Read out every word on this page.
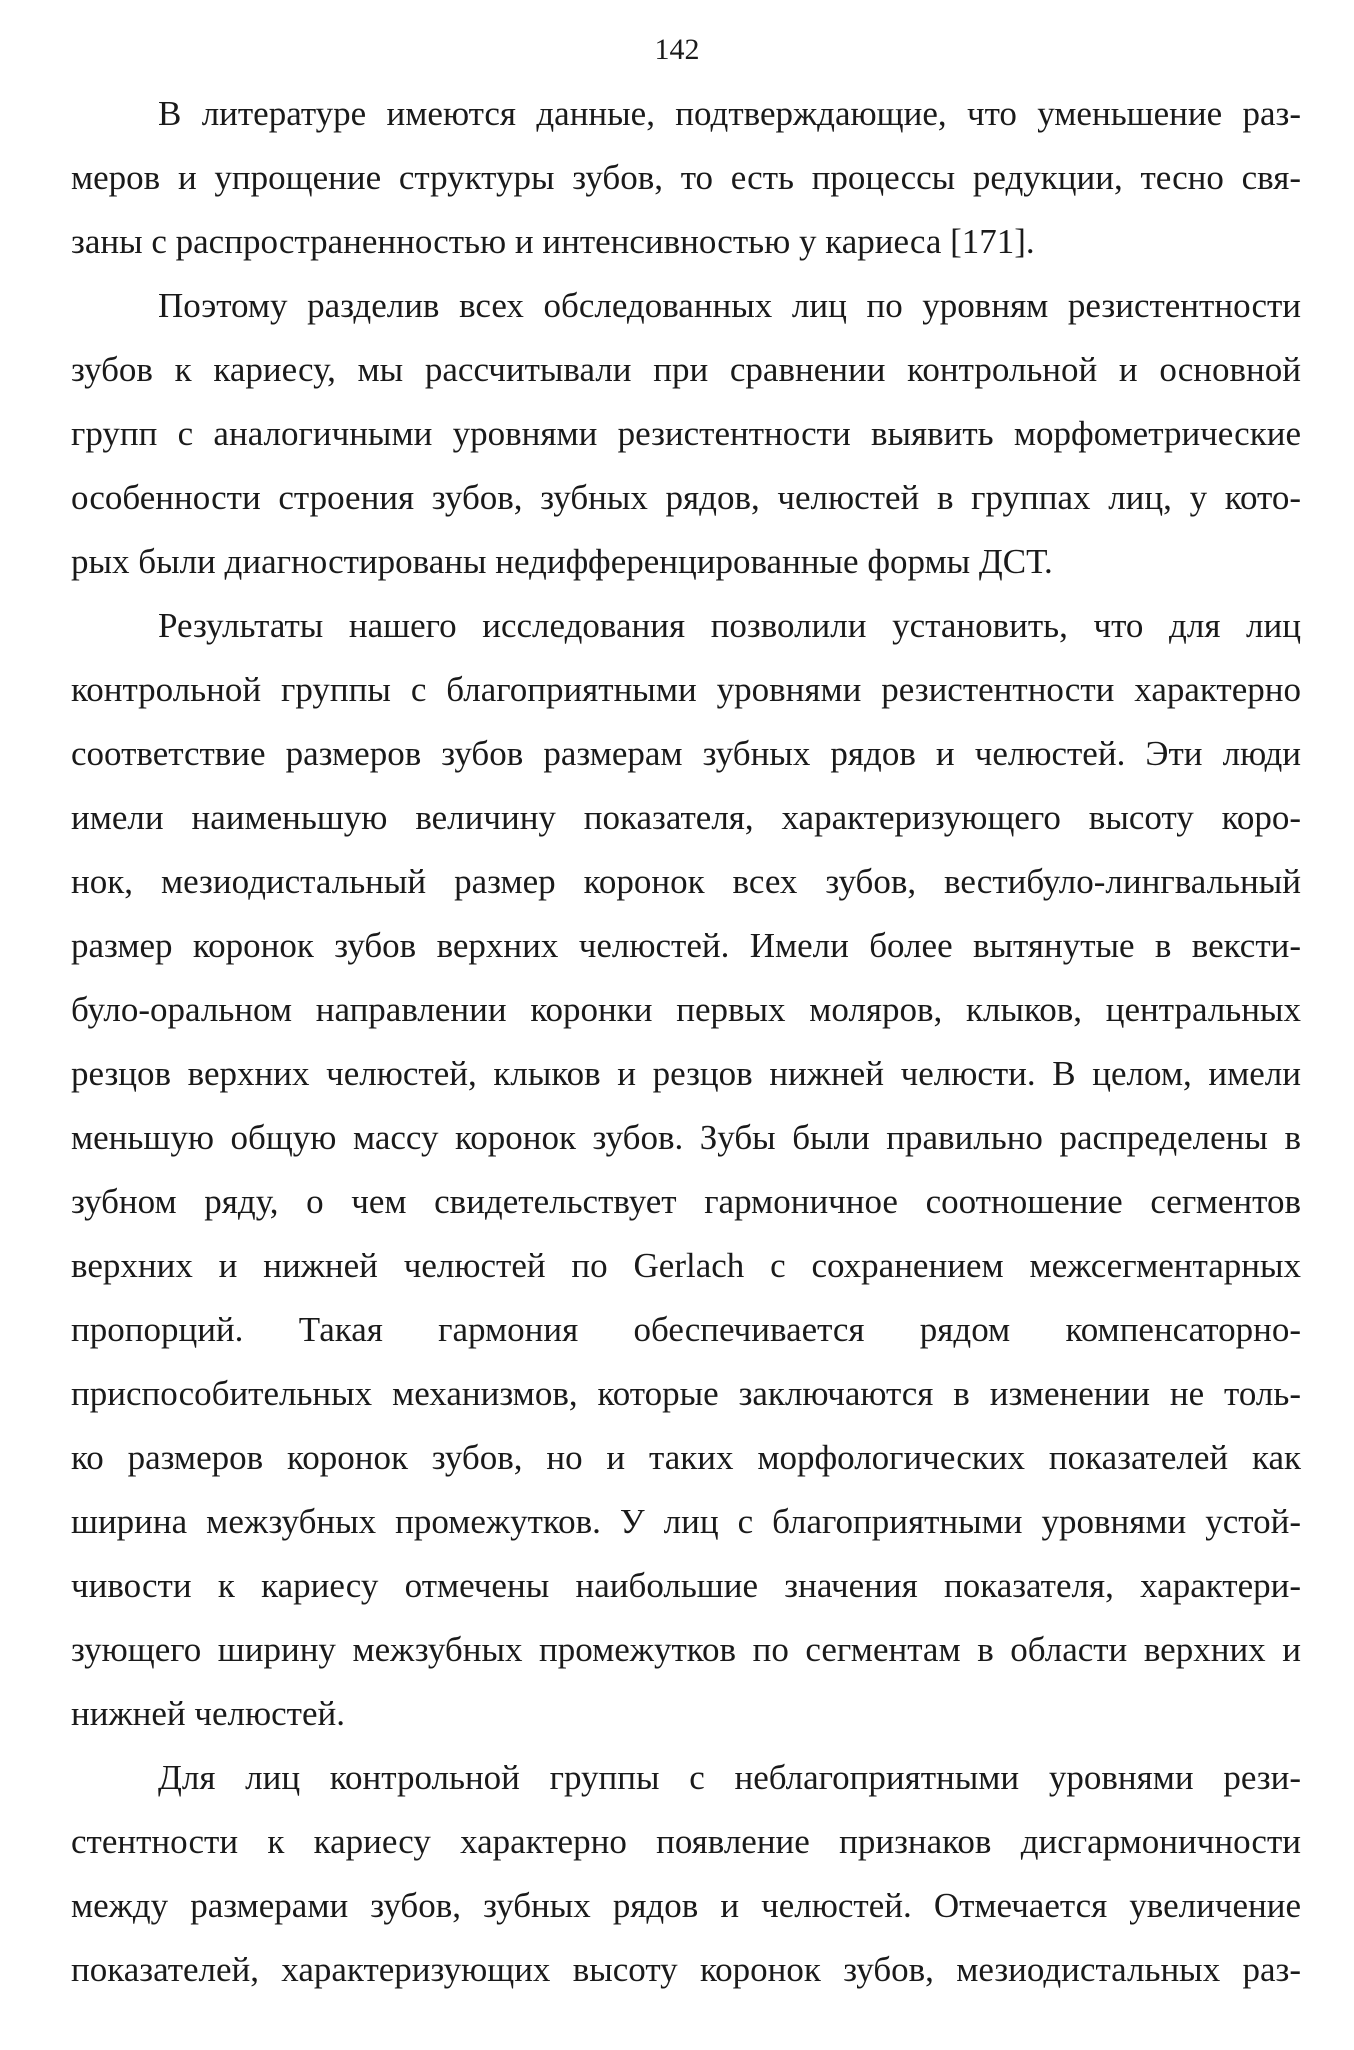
142
В литературе имеются данные, подтверждающие, что уменьшение раз-
меров и упрощение структуры зубов, то есть процессы редукции, тесно свя-
заны с распространенностью и интенсивностью у кариеса [171].
Поэтому разделив всех обследованных лиц по уровням резистентности
зубов к кариесу, мы рассчитывали при сравнении контрольной и основной
групп с аналогичными уровнями резистентности выявить морфометрические
особенности строения зубов, зубных рядов, челюстей в группах лиц, у кото-
рых были диагностированы недифференцированные формы ДСТ.
Результаты нашего исследования позволили установить, что для лиц
контрольной группы с благоприятными уровнями резистентности характерно
соответствие размеров зубов размерам зубных рядов и челюстей. Эти люди
имели наименьшую величину показателя, характеризующего высоту коро-
нок, мезиодистальный размер коронок всех зубов, вестибуло-лингвальный
размер коронок зубов верхних челюстей. Имели более вытянутые в вексти-
було-оральном направлении коронки первых моляров, клыков, центральных
резцов верхних челюстей, клыков и резцов нижней челюсти. В целом, имели
меньшую общую массу коронок зубов. Зубы были правильно распределены в
зубном ряду, о чем свидетельствует гармоничное соотношение сегментов
верхних и нижней челюстей по Gerlach с сохранением межсегментарных
пропорций. Такая гармония обеспечивается рядом компенсаторно-
приспособительных механизмов, которые заключаются в изменении не толь-
ко размеров коронок зубов, но и таких морфологических показателей как
ширина межзубных промежутков. У лиц с благоприятными уровнями устой-
чивости к кариесу отмечены наибольшие значения показателя, характери-
зующего ширину межзубных промежутков по сегментам в области верхних и
нижней челюстей.
Для лиц контрольной группы с неблагоприятными уровнями рези-
стентности к кариесу характерно появление признаков дисгармоничности
между размерами зубов, зубных рядов и челюстей. Отмечается увеличение
показателей, характеризующих высоту коронок зубов, мезиодистальных раз-
